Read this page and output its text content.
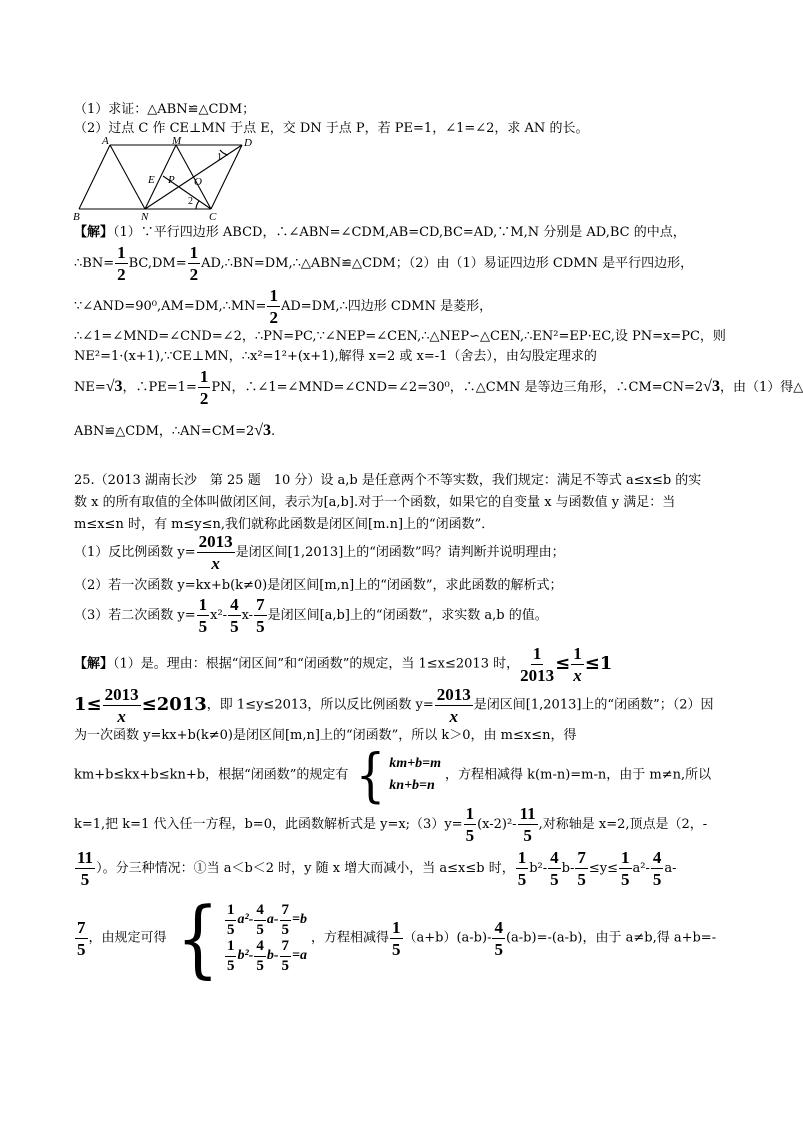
（1）求证：△ABN≌△CDM；
（2）过点 C 作 CE⊥MN 于点 E，交 DN 于点 P，若 PE=1，∠1=∠2，求 AN 的长。
A	M	D
B	N	C
E P O
1
2
【解】（1）∵平行四边形 ABCD，∴∠ABN=∠CDM,AB=CD,BC=AD,∵M,N 分别是 AD,BC 的中点，
∴BN= $\frac{1}{2} BC,DM= \frac{1}{2}$ AD,∴BN=DM,∴△ABN≌△CDM；（2）由（1）易证四边形 CDMN 是平行四边形，
∵∠AND=90⁰,AM=DM,∴MN= $\frac{1}{2}$ AD=DM,∴四边形 CDMN 是菱形，
∴∠1=∠MND=∠CND=∠2，∴PN=PC,∵∠NEP=∠CEN,∴△NEP∽△CEN,∴EN²=EP·EC,设 PN=x=PC，则
NE²=1·(x+1),∵CE⊥MN，∴x²=1²+(x+1),解得 x=2 或 x=-1（舍去），由勾股定理求的
NE=√3，∴PE=1= $\frac{1}{2}$ PN，∴∠1=∠MND=∠CND=∠2=30⁰，∴△CMN 是等边三角形，∴CM=CN=2√3，由（1）得△
ABN≌△CDM，∴AN=CM=2√3.
25.（2013 湖南长沙　第 25 题　10 分）设 a,b 是任意两个不等实数，我们规定：满足不等式 a≤x≤b 的实
数 x 的所有取值的全体叫做闭区间，表示为[a,b].对于一个函数，如果它的自变量 x 与函数值 y 满足：当
m≤x≤n 时，有 m≤y≤n,我们就称此函数是闭区间[m.n]上的“闭函数”．
（1）反比例函数 $y= \frac{2013}{x}$ 是闭区间[1,2013]上的“闭函数”吗？请判断并说明理由；
（2）若一次函数 y=kx+b(k≠0)是闭区间[m,n]上的“闭函数”，求此函数的解析式；
（3）若二次函数 $y= \frac{1}{5} x^2- \frac{4}{5} x- \frac{7}{5}$ 是闭区间[a,b]上的“闭函数”，求实数 a,b 的值。
【解】（1）是。理由：根据“闭区间”和“闭函数”的规定，当 1≤x≤2013 时， $\frac{1}{2013} \le \frac{1}{x} \le 1$
$1\le \frac{2013}{x} \le 2013$，即 1≤y≤2013，所以反比例函数 $y= \frac{2013}{x}$ 是闭区间[1,2013]上的“闭函数”；（2）因
为一次函数 y=kx+b(k≠0)是闭区间[m,n]上的“闭函数”，所以 k＞0，由 m≤x≤n，得
km+b≤kx+b≤kn+b，根据“闭函数”的规定有 { km+b=m
kn+b=n
，方程相减得 k(m-n)=m-n，由于 m≠n,所以
k=1,把 k=1 代入任一方程，b=0，此函数解析式是 y=x;（3）y= $\frac{1}{5} (x-2)^2- \frac{11}{5}$ ,对称轴是 x=2,顶点是（2，-
$\frac{11}{5}$ ）。分三种情况：①当 a＜b＜2 时，y 随 x 增大而减小，当 a≤x≤b 时， $\frac{1}{5} b^2- \frac{4}{5} b- \frac{7}{5} \le y\le \frac{1}{5} a^2- \frac{4}{5} a-$
$\frac{7}{5}$ ，由规定可得 { 1
5
a²-
4
5
$a- \frac{7}{5} =b$
1
5
b²-
4
5
$b- \frac{7}{5} =a$
，方程相减得 $\frac{1}{5} (a+b)(a-b)- \frac{4}{5} (a-b)=-(a-b)$，由于 a≠b,得 a+b=-
